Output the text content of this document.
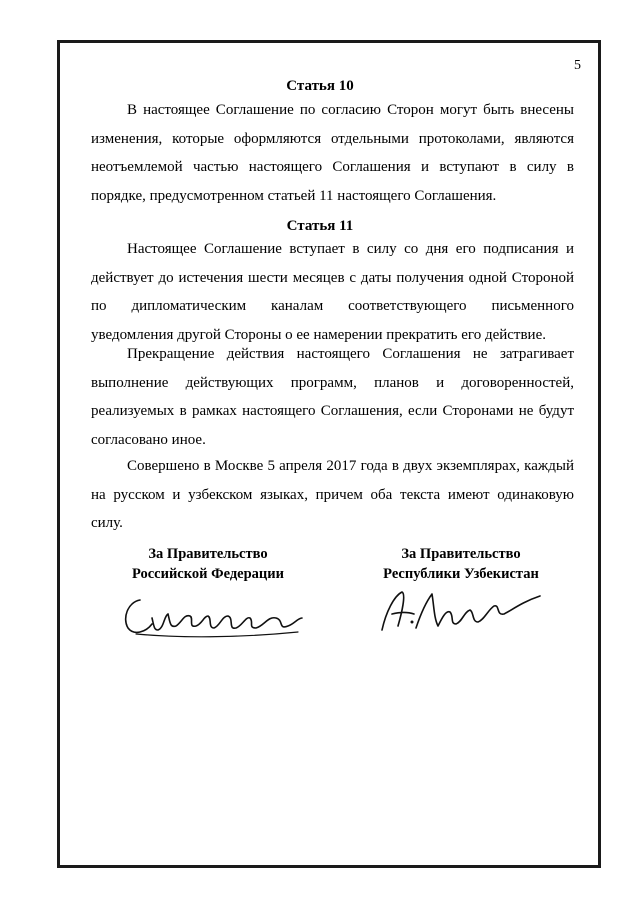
5
Статья 10
В настоящее Соглашение по согласию Сторон могут быть внесены изменения, которые оформляются отдельными протоколами, являются неотъемлемой частью настоящего Соглашения и вступают в силу в порядке, предусмотренном статьей 11 настоящего Соглашения.
Статья 11
Настоящее Соглашение вступает в силу со дня его подписания и действует до истечения шести месяцев с даты получения одной Стороной по дипломатическим каналам соответствующего письменного уведомления другой Стороны о ее намерении прекратить его действие.
Прекращение действия настоящего Соглашения не затрагивает выполнение действующих программ, планов и договоренностей, реализуемых в рамках настоящего Соглашения, если Сторонами не будут согласовано иное.
Совершено в Москве 5 апреля 2017 года в двух экземплярах, каждый на русском и узбекском языках, причем оба текста имеют одинаковую силу.
За Правительство
Российской Федерации
За Правительство
Республики Узбекистан
